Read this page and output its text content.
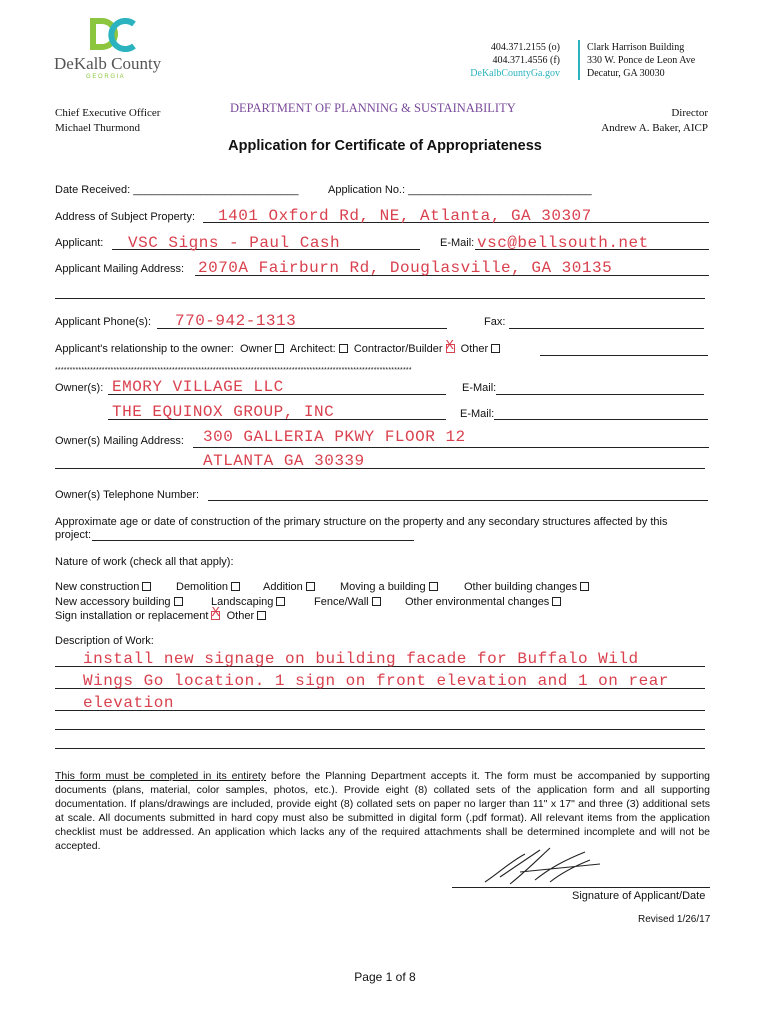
DeKalb County
G E O R G I A
404.371.2155 (o)
404.371.4556 (f)
DeKalbCountyGa.gov
Clark Harrison Building
330 W. Ponce de Leon Ave
Decatur, GA 30030
Chief Executive Officer
Michael Thurmond
DEPARTMENT OF PLANNING & SUSTAINABILITY	Director
Andrew A. Baker, AICP
Application for Certificate of Appropriateness
Date Received: ___________________________	Application No.: ______________________________
Address of Subject Property: 1401 Oxford Rd, NE, Atlanta, GA 30307
Applicant: VSC Signs - Paul Cash	E-Mail: vsc@bellsouth.net
Applicant Mailing Address: 2070A Fairburn Rd, Douglasville, GA 30135
Applicant Phone(s): 770-942-1313	Fax:
Applicant's relationship to the owner: Owner Architect: Contractor/Builder X Other
**************************************************************************************************************************
Owner(s): EMORY VILLAGE LLC	E-Mail:
THE EQUINOX GROUP, INC	E-Mail:
Owner(s) Mailing Address: 300 GALLERIA PKWY FLOOR 12
ATLANTA GA 30339
Owner(s) Telephone Number:
Approximate age or date of construction of the primary structure on the property and any secondary structures affected by this
project:
Nature of work (check all that apply):
New construction	Demolition	Addition	Moving a building	Other building changes
New accessory building	Landscaping	Fence/Wall	Other environmental changes
Sign installation or replacement X Other
Description of Work:
install new signage on building facade for Buffalo Wild
Wings Go location. 1 sign on front elevation and 1 on rear
elevation
This form must be completed in its entirety before the Planning Department accepts it. The form must be accompanied by supporting documents (plans, material, color samples, photos, etc.). Provide eight (8) collated sets of the application form and all supporting documentation. If plans/drawings are included, provide eight (8) collated sets on paper no larger than 11" x 17" and three (3) additional sets at scale. All documents submitted in hard copy must also be submitted in digital form (.pdf format). All relevant items from the application checklist must be addressed. An application which lacks any of the required attachments shall be determined incomplete and will not be accepted.
Signature of Applicant/Date
Revised 1/26/17
Page 1 of 8
